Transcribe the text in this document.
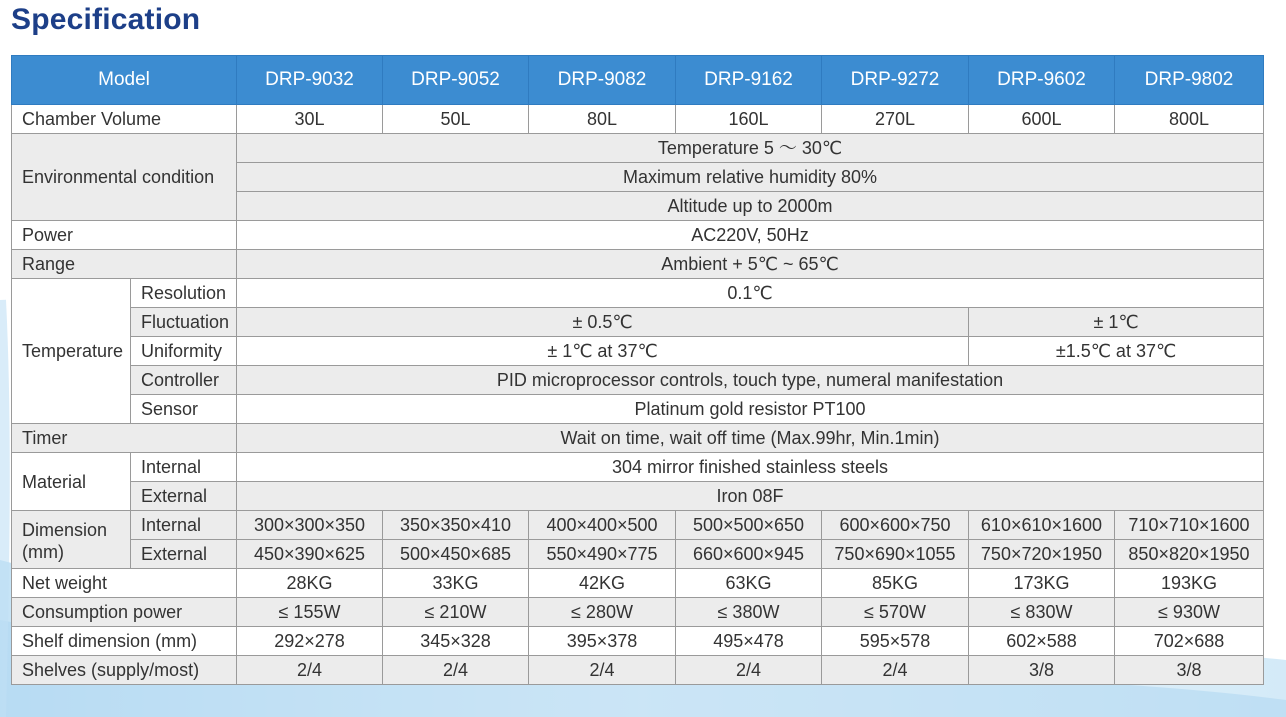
Specification
Model		DRP-9032	DRP-9052	DRP-9082	DRP-9162	DRP-9272	DRP-9602	DRP-9802
Chamber Volume		30L	50L	80L	160L	270L	600L	800L
Environmental condition		Temperature 5 ～ 30℃						
		Maximum relative humidity 80%						
		Altitude up to 2000m						
Power		AC220V, 50Hz						
Range		Ambient + 5℃ ~ 65℃						
Temperature	Resolution	0.1℃						
	Fluctuation	± 0.5℃					± 1℃	
	Uniformity	± 1℃ at 37℃					±1.5℃ at 37℃	
	Controller	PID microprocessor controls, touch type, numeral manifestation						
	Sensor	Platinum gold resistor PT100						
Timer		Wait on time, wait off time (Max.99hr, Min.1min)						
Material	Internal	304 mirror finished stainless steels						
	External	Iron 08F						

Dimension
(mm)	Internal	300×300×350	350×350×410	400×400×500	500×500×650	600×600×750	610×610×1600	710×710×1600
	External	450×390×625	500×450×685	550×490×775	660×600×945	750×690×1055	750×720×1950	850×820×1950
Net weight		28KG	33KG	42KG	63KG	85KG	173KG	193KG
Consumption power		≤ 155W	≤ 210W	≤ 280W	≤ 380W	≤ 570W	≤ 830W	≤ 930W
Shelf dimension (mm)		292×278	345×328	395×378	495×478	595×578	602×588	702×688
Shelves (supply/most)		2/4	2/4	2/4	2/4	2/4	3/8	3/8
